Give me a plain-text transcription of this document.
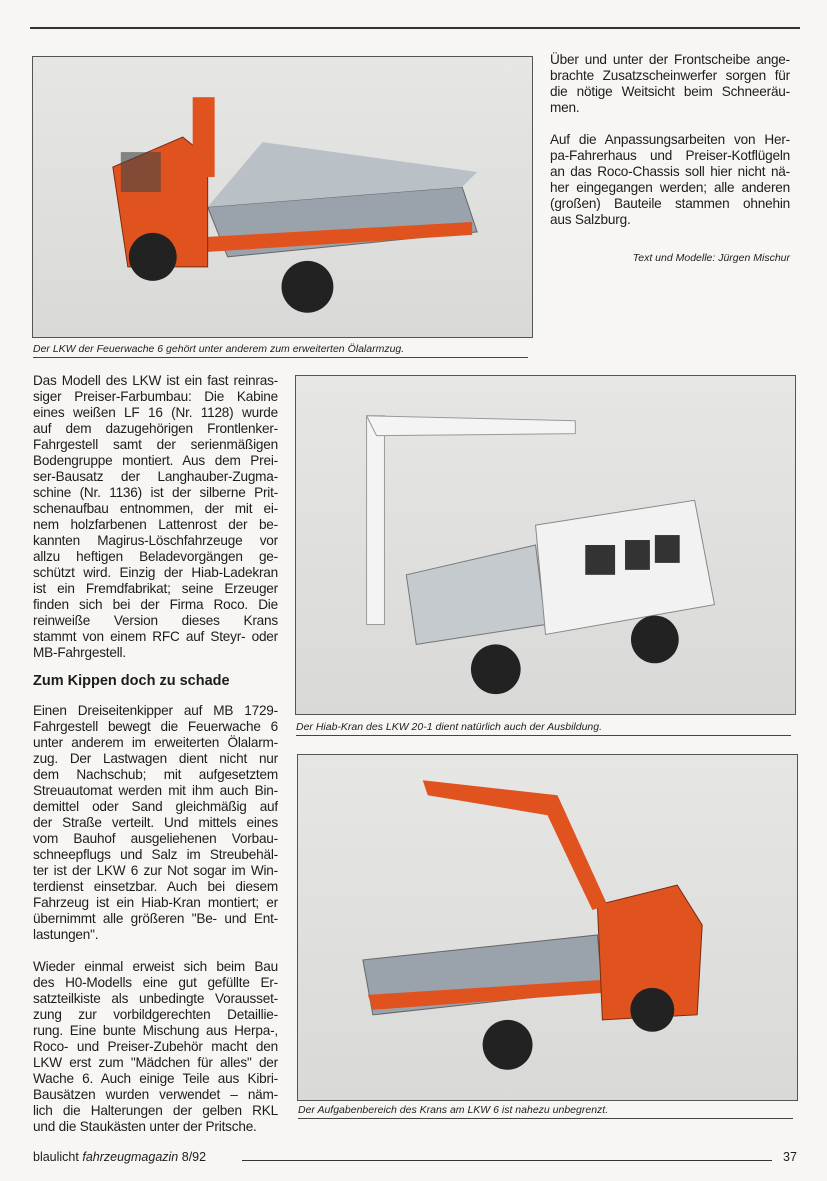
Der LKW der Feuerwache 6 gehört unter anderem zum erweiterten Ölalarmzug.
Über und unter der Frontscheibe ange-
brachte Zusatzscheinwerfer sorgen für
die nötige Weitsicht beim Schneeräu-
men.
Auf die Anpassungsarbeiten von Her-
pa-Fahrerhaus und Preiser-Kotflügeln
an das Roco-Chassis soll hier nicht nä-
her eingegangen werden; alle anderen
(großen) Bauteile stammen ohnehin
aus Salzburg.
Text und Modelle: Jürgen Mischur
Das Modell des LKW ist ein fast reinras-
siger Preiser-Farbumbau: Die Kabine
eines weißen LF 16 (Nr. 1128) wurde
auf dem dazugehörigen Frontlenker-
Fahrgestell samt der serienmäßigen
Bodengruppe montiert. Aus dem Prei-
ser-Bausatz der Langhauber-Zugma-
schine (Nr. 1136) ist der silberne Prit-
schenaufbau entnommen, der mit ei-
nem holzfarbenen Lattenrost der be-
kannten Magirus-Löschfahrzeuge vor
allzu heftigen Beladevorgängen ge-
schützt wird. Einzig der Hiab-Ladekran
ist ein Fremdfabrikat; seine Erzeuger
finden sich bei der Firma Roco. Die
reinweiße Version dieses Krans
stammt von einem RFC auf Steyr- oder
MB-Fahrgestell.
Zum Kippen doch zu schade
Einen Dreiseitenkipper auf MB 1729-
Fahrgestell bewegt die Feuerwache 6
unter anderem im erweiterten Ölalarm-
zug. Der Lastwagen dient nicht nur
dem Nachschub; mit aufgesetztem
Streuautomat werden mit ihm auch Bin-
demittel oder Sand gleichmäßig auf
der Straße verteilt. Und mittels eines
vom Bauhof ausgeliehenen Vorbau-
schneepflugs und Salz im Streubehäl-
ter ist der LKW 6 zur Not sogar im Win-
terdienst einsetzbar. Auch bei diesem
Fahrzeug ist ein Hiab-Kran montiert; er
übernimmt alle größeren "Be- und Ent-
lastungen".
Wieder einmal erweist sich beim Bau
des H0-Modells eine gut gefüllte Er-
satzteilkiste als unbedingte Vorausset-
zung zur vorbildgerechten Detaillie-
rung. Eine bunte Mischung aus Herpa-,
Roco- und Preiser-Zubehör macht den
LKW erst zum "Mädchen für alles" der
Wache 6. Auch einige Teile aus Kibri-
Bausätzen wurden verwendet – näm-
lich die Halterungen der gelben RKL
und die Staukästen unter der Pritsche.
Der Hiab-Kran des LKW 20-1 dient natürlich auch der Ausbildung.
Der Aufgabenbereich des Krans am LKW 6 ist nahezu unbegrenzt.
blaulicht fahrzeugmagazin 8/92	37
